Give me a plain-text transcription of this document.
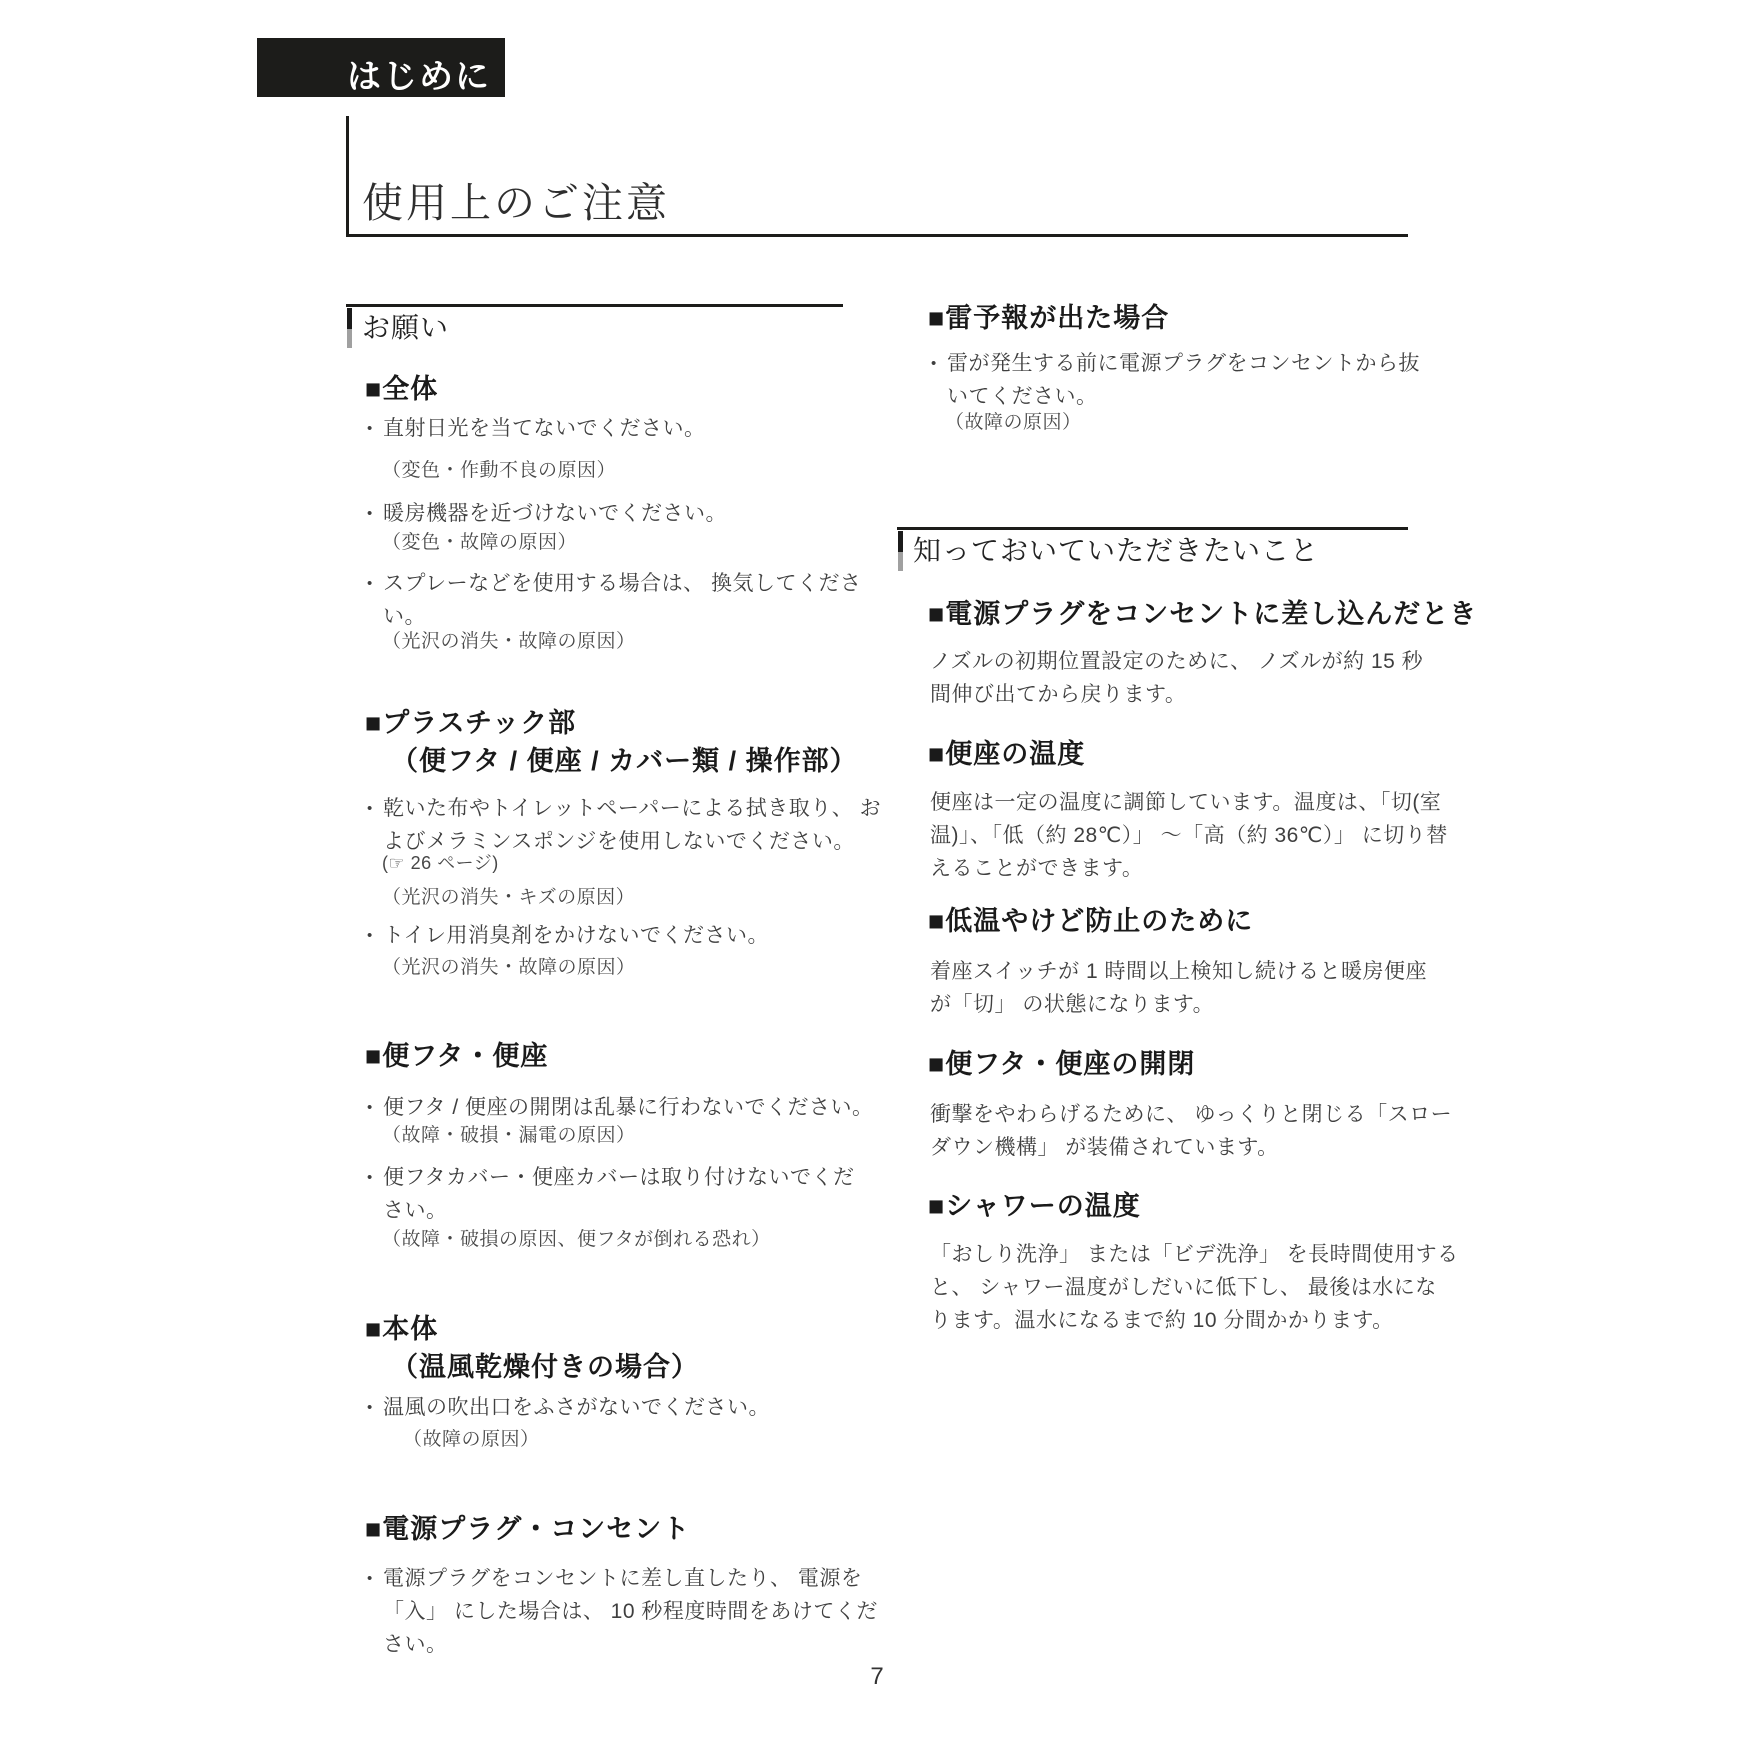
はじめに
使用上のご注意
お願い
■全体
• 直射日光を当てないでください。
（変色・作動不良の原因）
• 暖房機器を近づけないでください。
（変色・故障の原因）
• スプレーなどを使用する場合は、 換気してくださ
い。
（光沢の消失・故障の原因）
■プラスチック部
（便フタ / 便座 / カバー類 / 操作部）
• 乾いた布やトイレットペーパーによる拭き取り、 お
よびメラミンスポンジを使用しないでください。
(☞ 26 ページ)
（光沢の消失・キズの原因）
• トイレ用消臭剤をかけないでください。
（光沢の消失・故障の原因）
■便フタ・便座
• 便フタ / 便座の開閉は乱暴に行わないでください。
（故障・破損・漏電の原因）
• 便フタカバー・便座カバーは取り付けないでくだ
さい。
（故障・破損の原因、便フタが倒れる恐れ）
■本体
（温風乾燥付きの場合）
• 温風の吹出口をふさがないでください。
（故障の原因）
■電源プラグ・コンセント
• 電源プラグをコンセントに差し直したり、 電源を
「入」 にした場合は、 10 秒程度時間をあけてくだ
さい。
■雷予報が出た場合
• 雷が発生する前に電源プラグをコンセントから抜
いてください。
（故障の原因）
知っておいていただきたいこと
■電源プラグをコンセントに差し込んだとき
ノズルの初期位置設定のために、 ノズルが約 15 秒
間伸び出てから戻ります。
■便座の温度
便座は一定の温度に調節しています。温度は、「切(室
温)」、「低（約 28℃）」 〜「高（約 36℃）」 に切り替
えることができます。
■低温やけど防止のために
着座スイッチが 1 時間以上検知し続けると暖房便座
が「切」 の状態になります。
■便フタ・便座の開閉
衝撃をやわらげるために、 ゆっくりと閉じる「スロー
ダウン機構」 が装備されています。
■シャワーの温度
「おしり洗浄」 または「ビデ洗浄」 を長時間使用する
と、 シャワー温度がしだいに低下し、 最後は水にな
ります。温水になるまで約 10 分間かかります。
7
